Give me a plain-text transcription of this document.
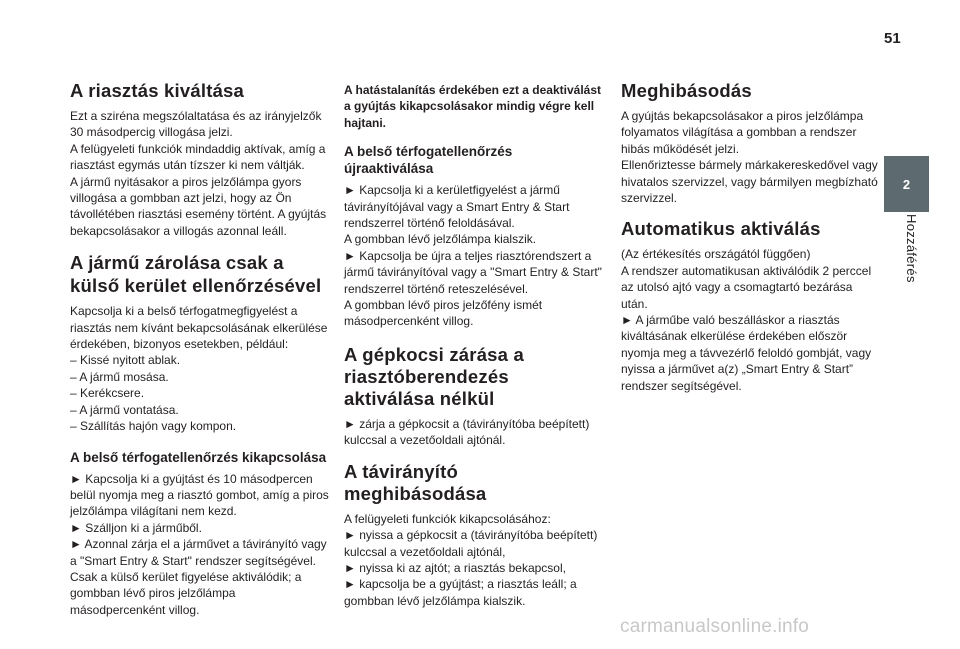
51
2
Hozzáférés
A riasztás kiváltása

Ezt a sziréna megszólaltatása és az irányjelzők 30 másodpercig villogása jelzi.

A felügyeleti funkciók mindaddig aktívak, amíg a riasztást egymás után tízszer ki nem váltják.

A jármű nyitásakor a piros jelzőlámpa gyors villogása a gombban azt jelzi, hogy az Ön távollétében riasztási esemény történt. A gyújtás bekapcsolásakor a villogás azonnal leáll.

A jármű zárolása csak a külső kerület ellenőrzésével

Kapcsolja ki a belső térfogatmegfigyelést a riasztás nem kívánt bekapcsolásának elkerülése érdekében, bizonyos esetekben, például:

– Kissé nyitott ablak.

– A jármű mosása.

– Kerékcsere.

– A jármű vontatása.

– Szállítás hajón vagy kompon.

A belső térfogatellenőrzés kikapcsolása

► Kapcsolja ki a gyújtást és 10 másodpercen belül nyomja meg a riasztó gombot, amíg a piros jelzőlámpa világítani nem kezd.

► Szálljon ki a járműből.

► Azonnal zárja el a járművet a távirányító vagy a "Smart Entry & Start" rendszer segítségével.

Csak a külső kerület figyelése aktiválódik; a gombban lévő piros jelzőlámpa másodpercenként villog.

A hatástalanítás érdekében ezt a deaktiválást a gyújtás kikapcsolásakor mindig végre kell hajtani.

A belső térfogatellenőrzés újraaktiválása

► Kapcsolja ki a kerületfigyelést a jármű távirányítójával vagy a Smart Entry & Start rendszerrel történő feloldásával.

A gombban lévő jelzőlámpa kialszik.

► Kapcsolja be újra a teljes riasztórendszert a jármű távirányítóval vagy a "Smart Entry & Start" rendszerrel történő reteszelésével.

A gombban lévő piros jelzőfény ismét másodpercenként villog.

A gépkocsi zárása a riasztóberendezés aktiválása nélkül

► zárja a gépkocsit a (távirányítóba beépített) kulccsal a vezetőoldali ajtónál.

A távirányító meghibásodása

A felügyeleti funkciók kikapcsolásához:

► nyissa a gépkocsit a (távirányítóba beépített) kulccsal a vezetőoldali ajtónál,

► nyissa ki az ajtót; a riasztás bekapcsol,

► kapcsolja be a gyújtást; a riasztás leáll; a gombban lévő jelzőlámpa kialszik.

Meghibásodás

A gyújtás bekapcsolásakor a piros jelzőlámpa folyamatos világítása a gombban a rendszer hibás működését jelzi.

Ellenőriztesse bármely márkakereskedővel vagy hivatalos szervizzel, vagy bármilyen megbízható szervizzel.

Automatikus aktiválás

(Az értékesítés országától függően)

A rendszer automatikusan aktiválódik 2 perccel az utolsó ajtó vagy a csomagtartó bezárása után.

► A járműbe való beszálláskor a riasztás kiváltásának elkerülése érdekében először nyomja meg a távvezérlő feloldó gombját, vagy nyissa a járművet a(z) „Smart Entry & Start” rendszer segítségével.

carmanualsonline.info
